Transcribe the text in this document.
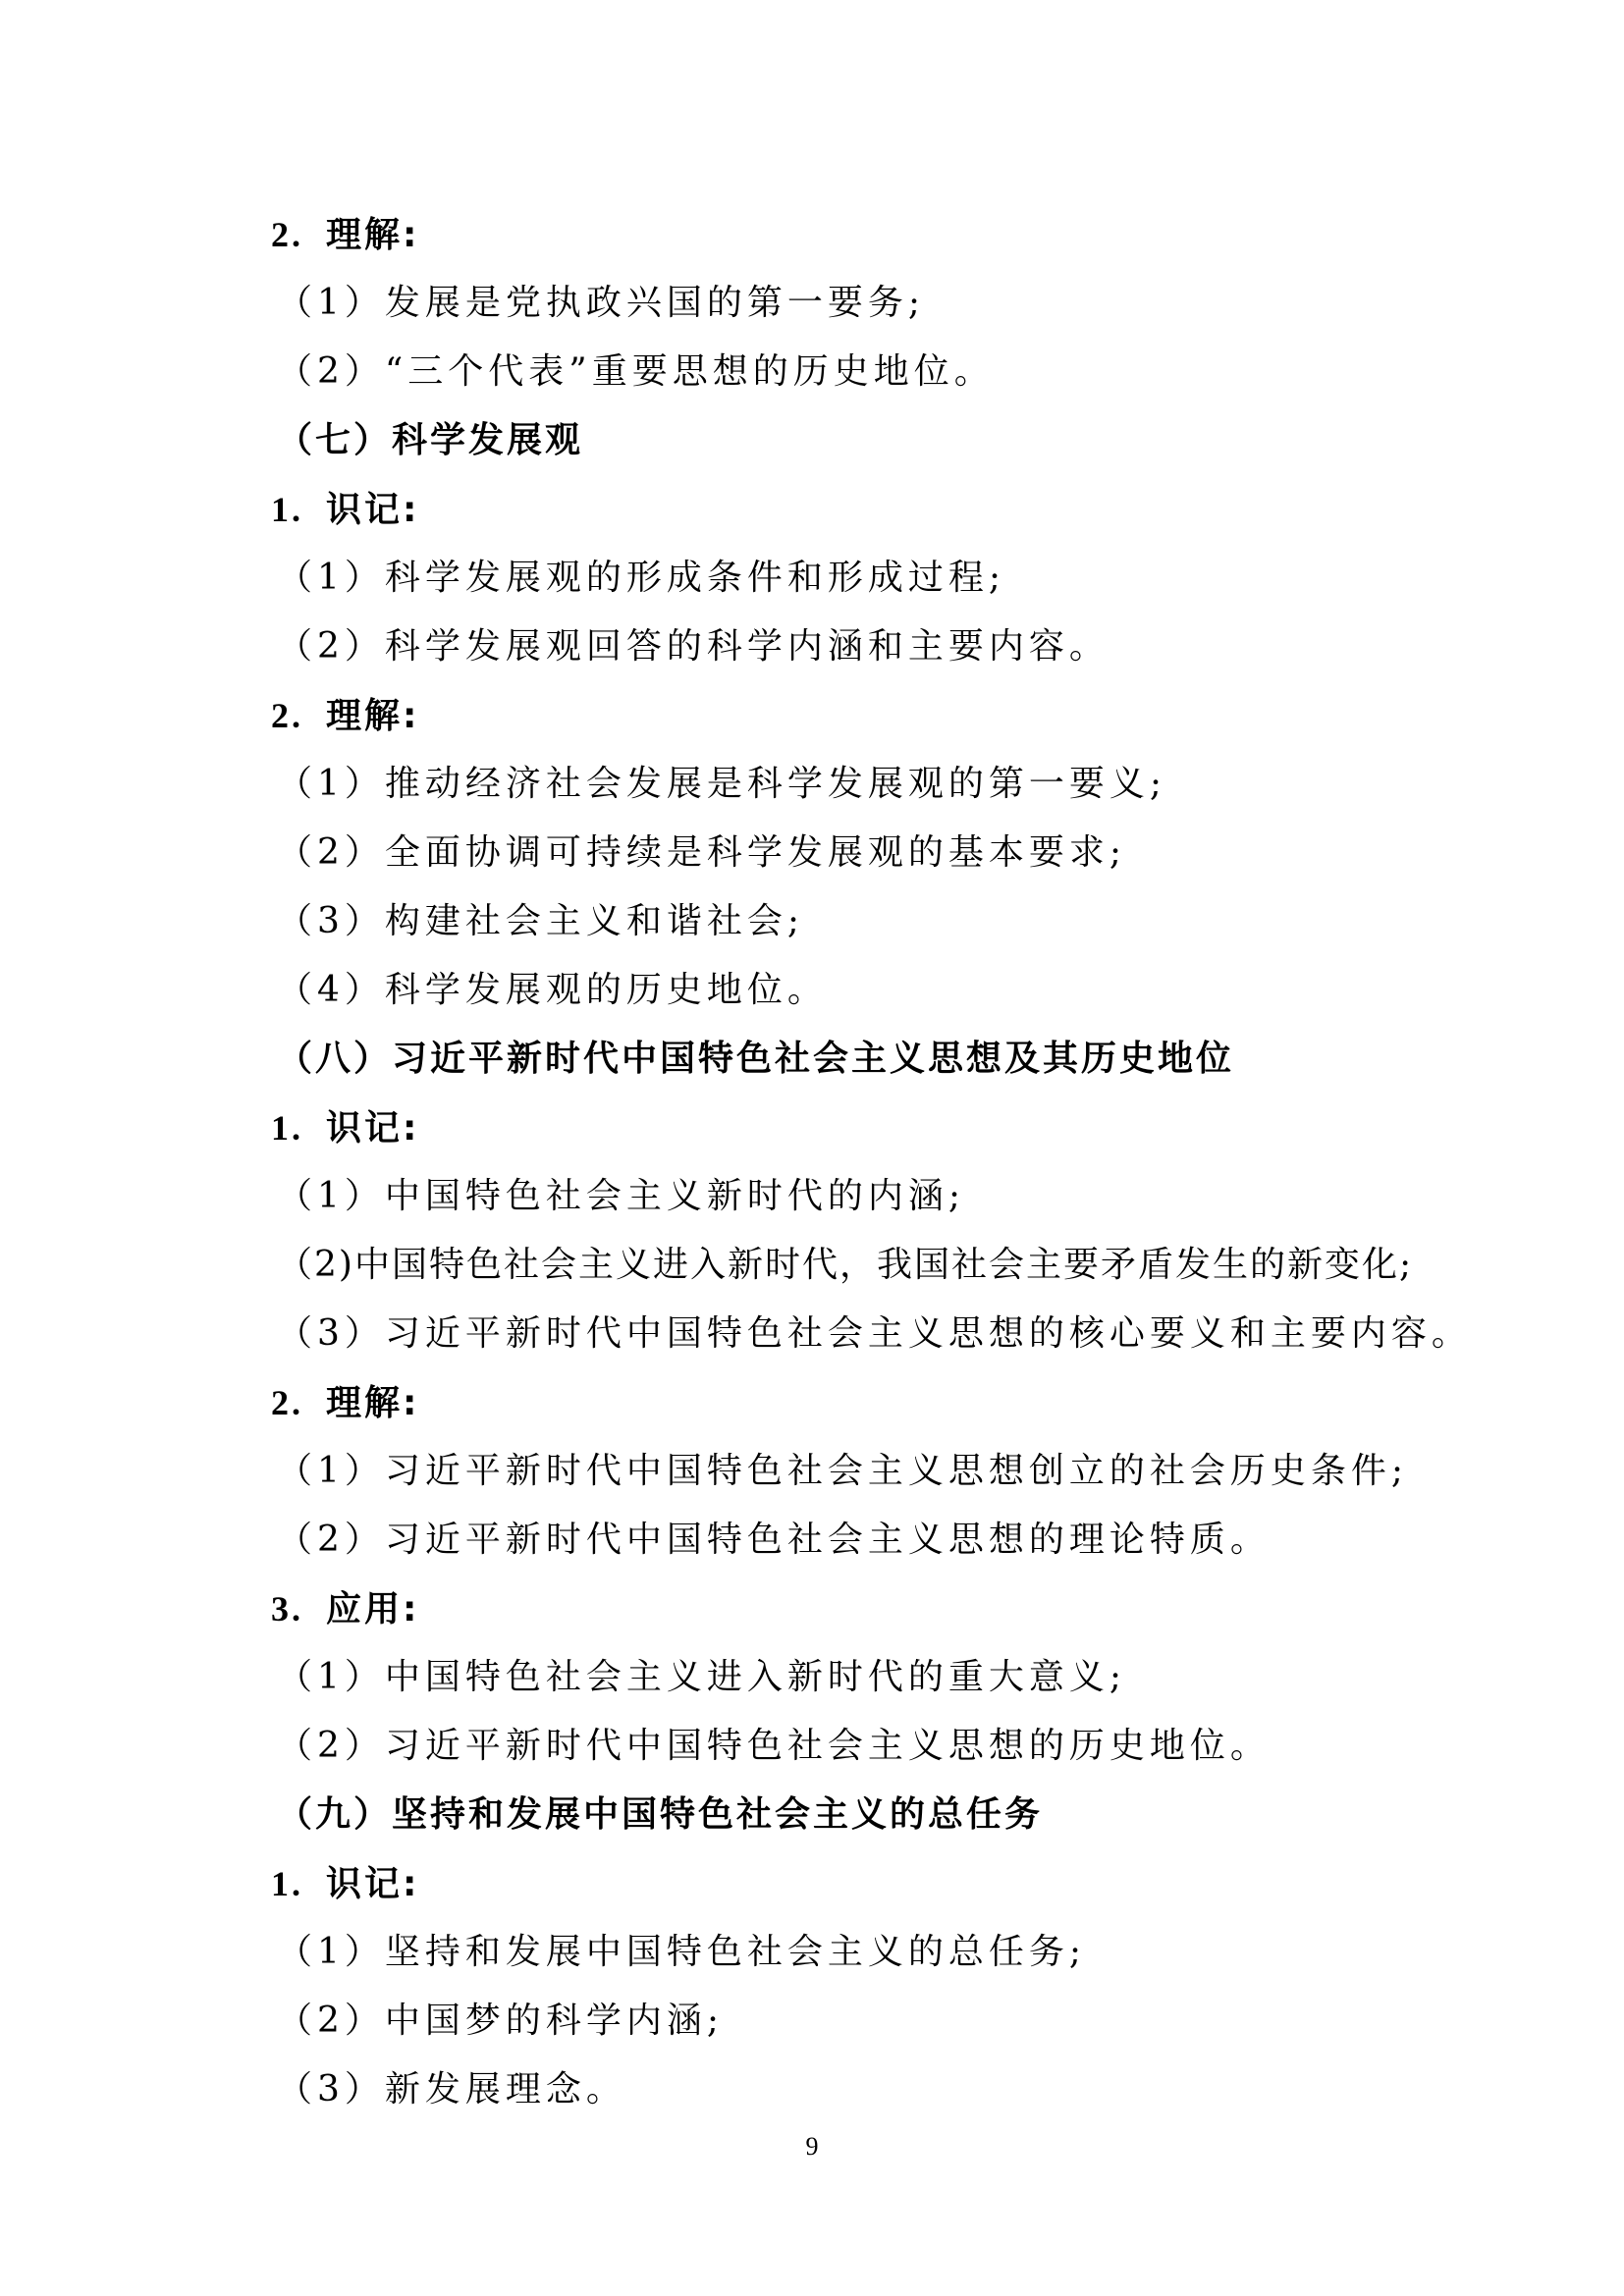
2. 理解:
（1）发展是党执政兴国的第一要务;
（2）“三个代表”重要思想的历史地位。
（七）科学发展观
1. 识记:
（1）科学发展观的形成条件和形成过程;
（2）科学发展观回答的科学内涵和主要内容。
2. 理解:
（1）推动经济社会发展是科学发展观的第一要义;
（2）全面协调可持续是科学发展观的基本要求;
（3）构建社会主义和谐社会;
（4）科学发展观的历史地位。
（八）习近平新时代中国特色社会主义思想及其历史地位
1. 识记:
（1）中国特色社会主义新时代的内涵;
（2)中国特色社会主义进入新时代，我国社会主要矛盾发生的新变化;
（3）习近平新时代中国特色社会主义思想的核心要义和主要内容。
2. 理解:
（1）习近平新时代中国特色社会主义思想创立的社会历史条件;
（2）习近平新时代中国特色社会主义思想的理论特质。
3. 应用:
（1）中国特色社会主义进入新时代的重大意义;
（2）习近平新时代中国特色社会主义思想的历史地位。
（九）坚持和发展中国特色社会主义的总任务
1. 识记:
（1）坚持和发展中国特色社会主义的总任务;
（2）中国梦的科学内涵;
（3）新发展理念。
9
